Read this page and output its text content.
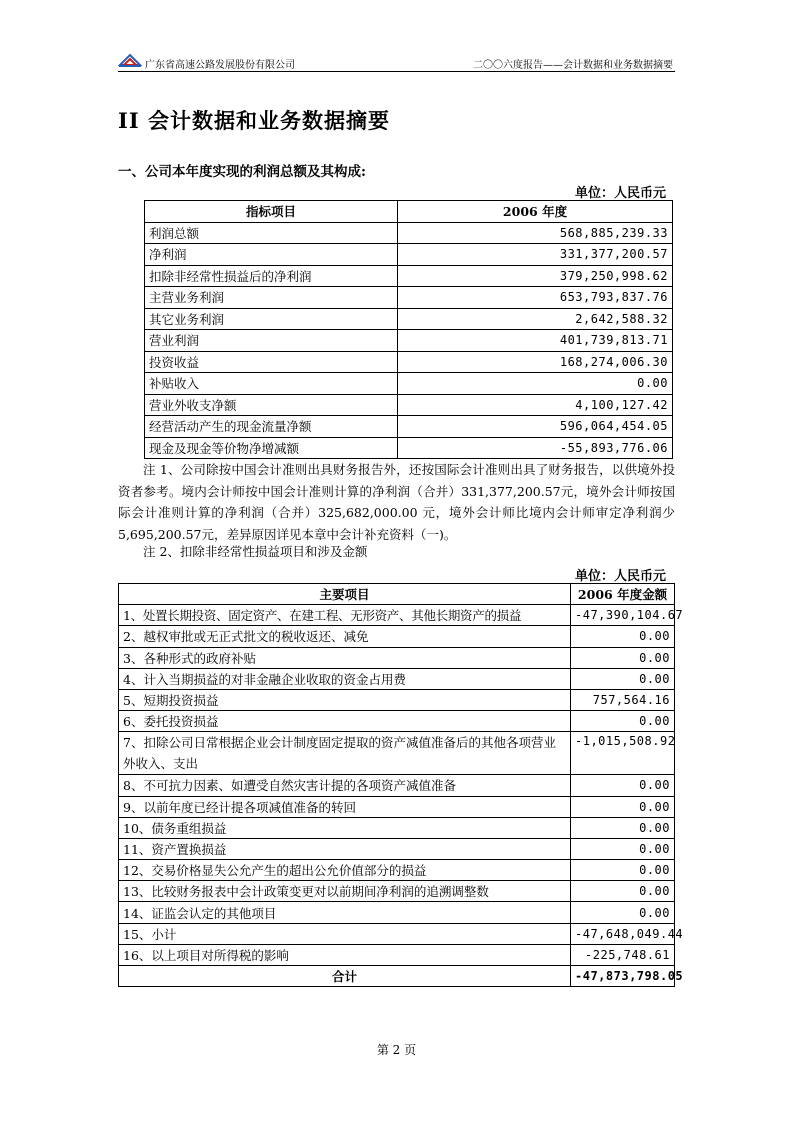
广东省高速公路发展股份有限公司	二〇〇六度报告——会计数据和业务数据摘要
II 会计数据和业务数据摘要
一、公司本年度实现的利润总额及其构成:
单位：人民币元
指标项目	2006 年度
利润总额	568,885,239.33
净利润	331,377,200.57
扣除非经常性损益后的净利润	379,250,998.62
主营业务利润	653,793,837.76
其它业务利润	2,642,588.32
营业利润	401,739,813.71
投资收益	168,274,006.30
补贴收入	0.00
营业外收支净额	4,100,127.42
经营活动产生的现金流量净额	596,064,454.05
现金及现金等价物净增减额	-55,893,776.06
注 1、公司除按中国会计准则出具财务报告外，还按国际会计准则出具了财务报告，以供境外投资者参考。境内会计师按中国会计准则计算的净利润（合并）331,377,200.57元，境外会计师按国际会计准则计算的净利润（合并）325,682,000.00 元，境外会计师比境内会计师审定净利润少 5,695,200.57元，差异原因详见本章中会计补充资料（一)。
注 2、扣除非经常性损益项目和涉及金额
单位：人民币元
主要项目	2006 年度金额
1、处置长期投资、固定资产、在建工程、无形资产、其他长期资产的损益	-47,390,104.67
2、越权审批或无正式批文的税收返还、减免	0.00
3、各种形式的政府补贴	0.00
4、计入当期损益的对非金融企业收取的资金占用费	0.00
5、短期投资损益	757,564.16
6、委托投资损益	0.00
7、扣除公司日常根据企业会计制度固定提取的资产减值准备后的其他各项营业外收入、支出	-1,015,508.92
8、不可抗力因素、如遭受自然灾害计提的各项资产减值准备	0.00
9、以前年度已经计提各项减值准备的转回	0.00
10、债务重组损益	0.00
11、资产置换损益	0.00
12、交易价格显失公允产生的超出公允价值部分的损益	0.00
13、比较财务报表中会计政策变更对以前期间净利润的追溯调整数	0.00
14、证监会认定的其他项目	0.00
15、小计	-47,648,049.44
16、以上项目对所得税的影响	-225,748.61
合计	-47,873,798.05
第 2 页
